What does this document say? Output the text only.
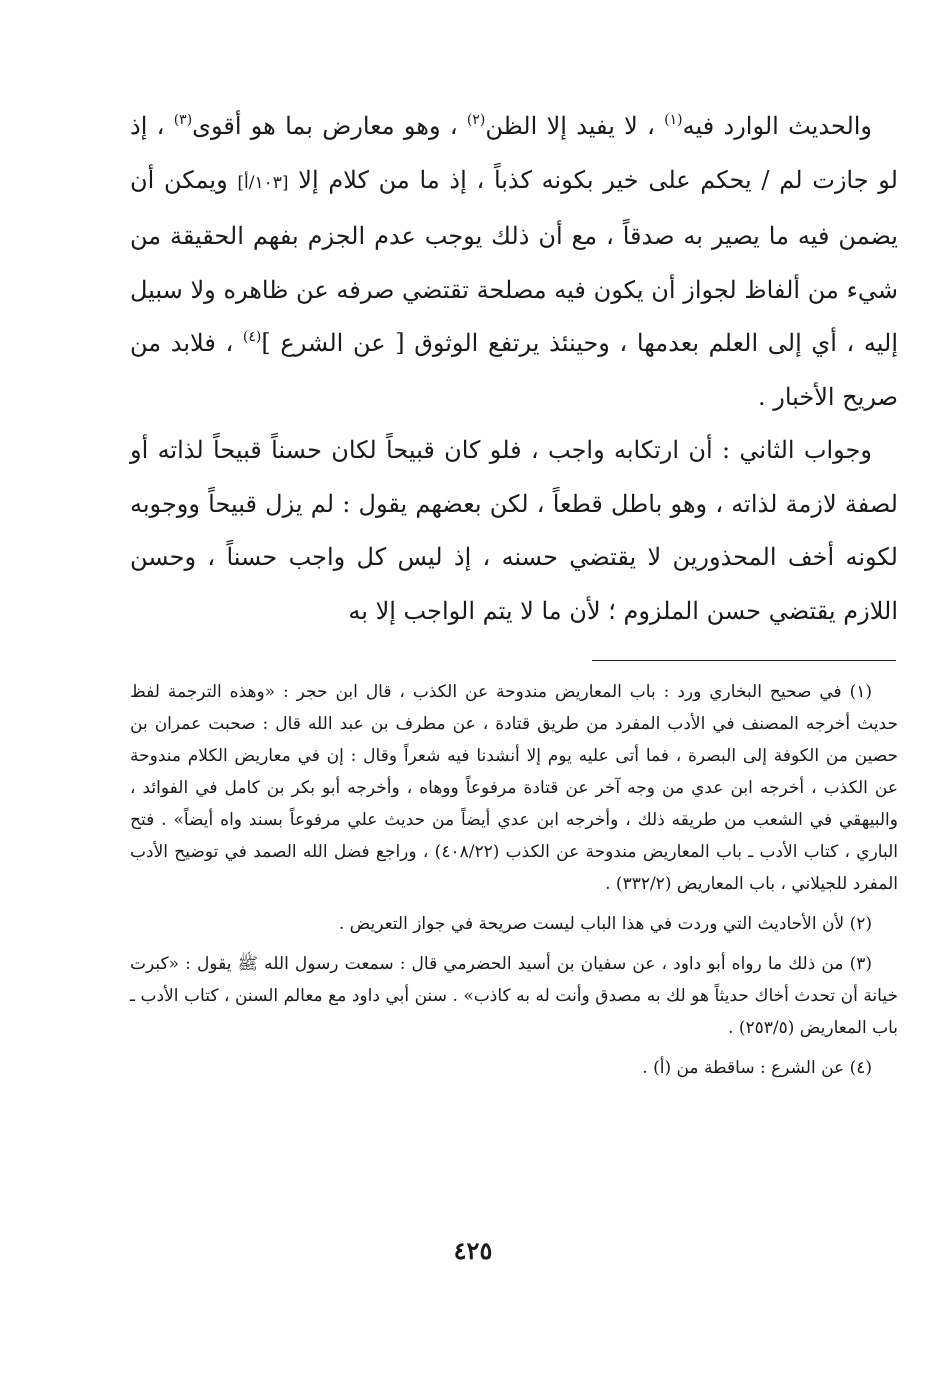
والحديث الوارد فيه$^{(١)}$ ، لا يفيد إلا الظن$^{(٢)}$ ، وهو معارض بما هو أقوى$^{(٣)}$ ، إذ لو جازت لم / يحكم على خير بكونه كذباً ، إذ ما من كلام إلا [١٠٣/أ] ويمكن أن يضمن فيه ما يصير به صدقاً ، مع أن ذلك يوجب عدم الجزم بفهم الحقيقة من شيء من ألفاظ لجواز أن يكون فيه مصلحة تقتضي صرفه عن ظاهره ولا سبيل إليه ، أي إلى العلم بعدمها ، وحينئذ يرتفع الوثوق [ عن الشرع ]$^{(٤)}$ ، فلابد من صريح الأخبار .

وجواب الثاني : أن ارتكابه واجب ، فلو كان قبيحاً لكان حسناً قبيحاً لذاته أو لصفة لازمة لذاته ، وهو باطل قطعاً ، لكن بعضهم يقول : لم يزل قبيحاً ووجوبه لكونه أخف المحذورين لا يقتضي حسنه ، إذ ليس كل واجب حسناً ، وحسن اللازم يقتضي حسن الملزوم ؛ لأن ما لا يتم الواجب إلا به

(١) في صحيح البخاري ورد : باب المعاريض مندوحة عن الكذب ، قال ابن حجر : «وهذه الترجمة لفظ حديث أخرجه المصنف في الأدب المفرد من طريق قتادة ، عن مطرف بن عبد الله قال : صحبت عمران بن حصين من الكوفة إلى البصرة ، فما أتى عليه يوم إلا أنشدنا فيه شعراً وقال : إن في معاريض الكلام مندوحة عن الكذب ، أخرجه ابن عدي من وجه آخر عن قتادة مرفوعاً ووهاه ، وأخرجه أبو بكر بن كامل في الفوائد ، والبيهقي في الشعب من طريقه ذلك ، وأخرجه ابن عدي أيضاً من حديث علي مرفوعاً بسند واه أيضاً» . فتح الباري ، كتاب الأدب ـ باب المعاريض مندوحة عن الكذب (٤٠٨/٢٢) ، وراجع فضل الله الصمد في توضيح الأدب المفرد للجيلاني ، باب المعاريض (٣٣٢/٢) .

(٢) لأن الأحاديث التي وردت في هذا الباب ليست صريحة في جواز التعريض .

(٣) من ذلك ما رواه أبو داود ، عن سفيان بن أسيد الحضرمي قال : سمعت رسول الله ﷺ يقول : «كبرت خيانة أن تحدث أخاك حديثاً هو لك به مصدق وأنت له به كاذب» . سنن أبي داود مع معالم السنن ، كتاب الأدب ـ باب المعاريض (٢٥٣/٥) .

(٤) عن الشرع : ساقطة من (أ) .

٤٢٥
